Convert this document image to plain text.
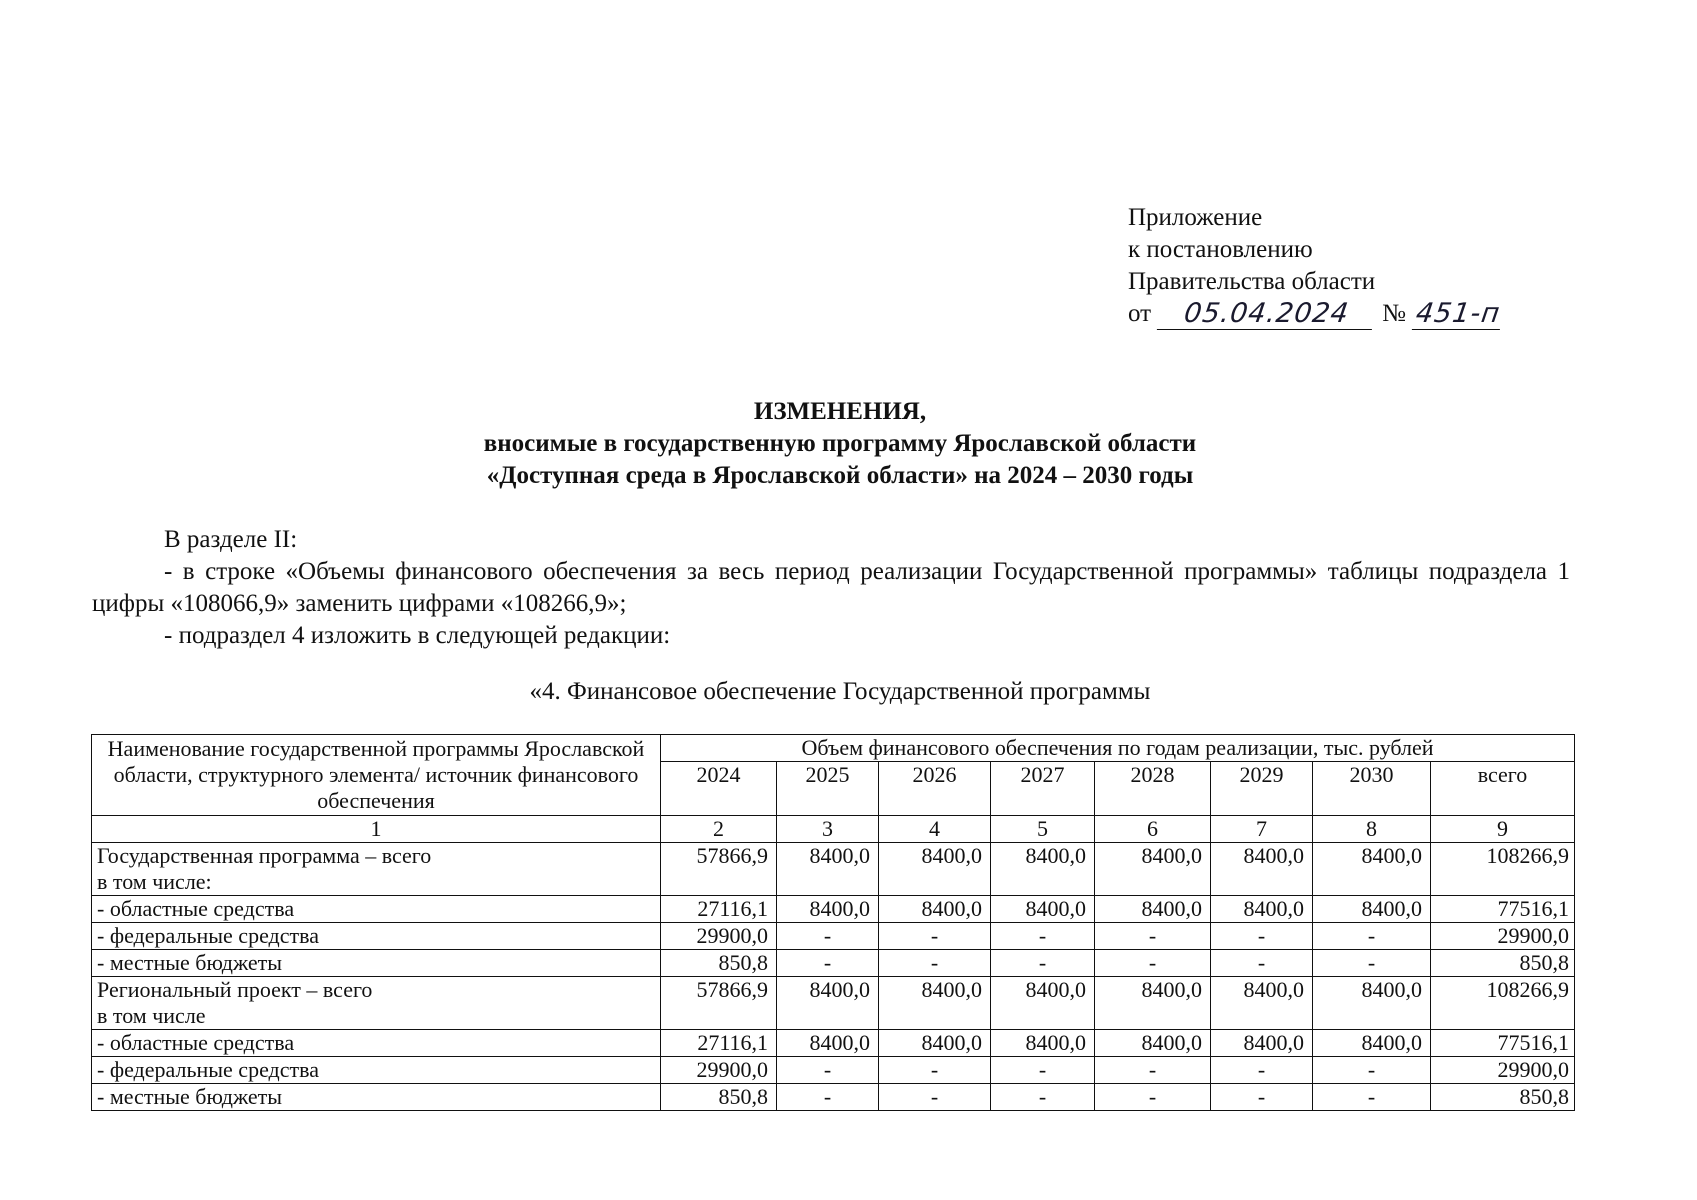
Приложение
к постановлению
Правительства области
от	05.04.2024	№ 451-п
ИЗМЕНЕНИЯ,
вносимые в государственную программу Ярославской области
«Доступная среда в Ярославской области» на 2024 – 2030 годы
В разделе II:
- в строке «Объемы финансового обеспечения за весь период реализации Государственной программы» таблицы подраздела 1 цифры «108066,9» заменить цифрами «108266,9»;
- подраздел 4 изложить в следующей редакции:
«4. Финансовое обеспечение Государственной программы
Наименование государственной программы Ярославской области, структурного элемента/ источник финансового обеспечения	Объем финансового обеспечения по годам реализации, тыс. рублей							
	2024	2025	2026	2027	2028	2029	2030	всего
1	2	3	4	5	6	7	8	9

Государственная программа – всего
в том числе:	57866,9	8400,0	8400,0	8400,0	8400,0	8400,0	8400,0	108266,9

- областные средства	27116,1	8400,0	8400,0	8400,0	8400,0	8400,0	8400,0	77516,1

- федеральные средства	29900,0	-	-	-	-	-	-	29900,0

- местные бюджеты	850,8	-	-	-	-	-	-	850,8

Региональный проект – всего
в том числе	57866,9	8400,0	8400,0	8400,0	8400,0	8400,0	8400,0	108266,9

- областные средства	27116,1	8400,0	8400,0	8400,0	8400,0	8400,0	8400,0	77516,1

- федеральные средства	29900,0	-	-	-	-	-	-	29900,0

- местные бюджеты	850,8	-	-	-	-	-	-	850,8
